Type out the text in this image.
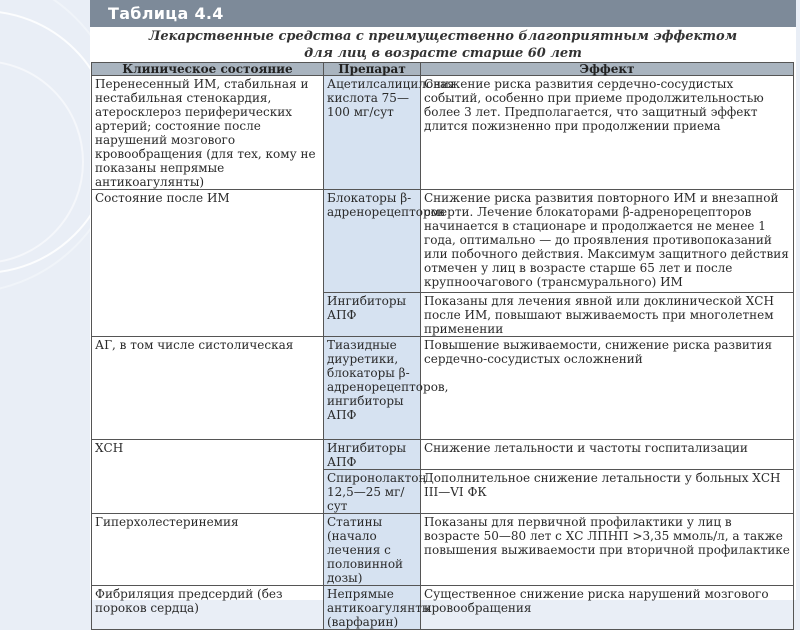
Таблица 4.4
Лекарственные средства с преимущественно благоприятным эффектом
для лиц в возрасте старше 60 лет
Клиническое состояние	Препарат	Эффект
Перенесенный ИМ, стабильная и нестабильная стенокардия, атеросклероз периферических артерий; состояние после нарушений мозгового кровообращения (для тех, кому не показаны непрямые антикоагулянты)	Ацетилсалициловая кислота 75—100 мг/сут	Снижение риска развития сердечно-сосудистых событий, особенно при приеме продолжительностью более 3 лет. Предполагается, что защитный эффект длится пожизненно при продолжении приема
Состояние после ИМ	Блокаторы β-адренорецепторов	Снижение риска развития повторного ИМ и внезапной смерти. Лечение блокаторами β-адренорецепторов начинается в стационаре и продолжается не менее 1 года, оптимально — до проявления противопоказаний или побочного действия. Максимум защитного действия отмечен у лиц в возрасте старше 65 лет и после крупноочагового (трансмурального) ИМ
	Ингибиторы АПФ	Показаны для лечения явной или доклинической ХСН после ИМ, повышают выживаемость при многолетнем применении
АГ, в том числе систолическая	Тиазидные диуретики, блокаторы β-адренорецепторов, ингибиторы АПФ	Повышение выживаемости, снижение риска развития сердечно-сосудистых осложнений
ХСН	Ингибиторы АПФ	Снижение летальности и частоты госпитализации
	Спиронолактон 12,5—25 мг/сут	Дополнительное снижение летальности у больных ХСН III—VI ФК
Гиперхолестеринемия	Статины (начало лечения с половинной дозы)	Показаны для первичной профилактики у лиц в возрасте 50—80 лет с ХС ЛПНП >3,35 ммоль/л, а также повышения выживаемости при вторичной профилактике
Фибриляция предсердий (без пороков сердца)	Непрямые антикоагулянты (варфарин)	Существенное снижение риска нарушений мозгового кровообращения
